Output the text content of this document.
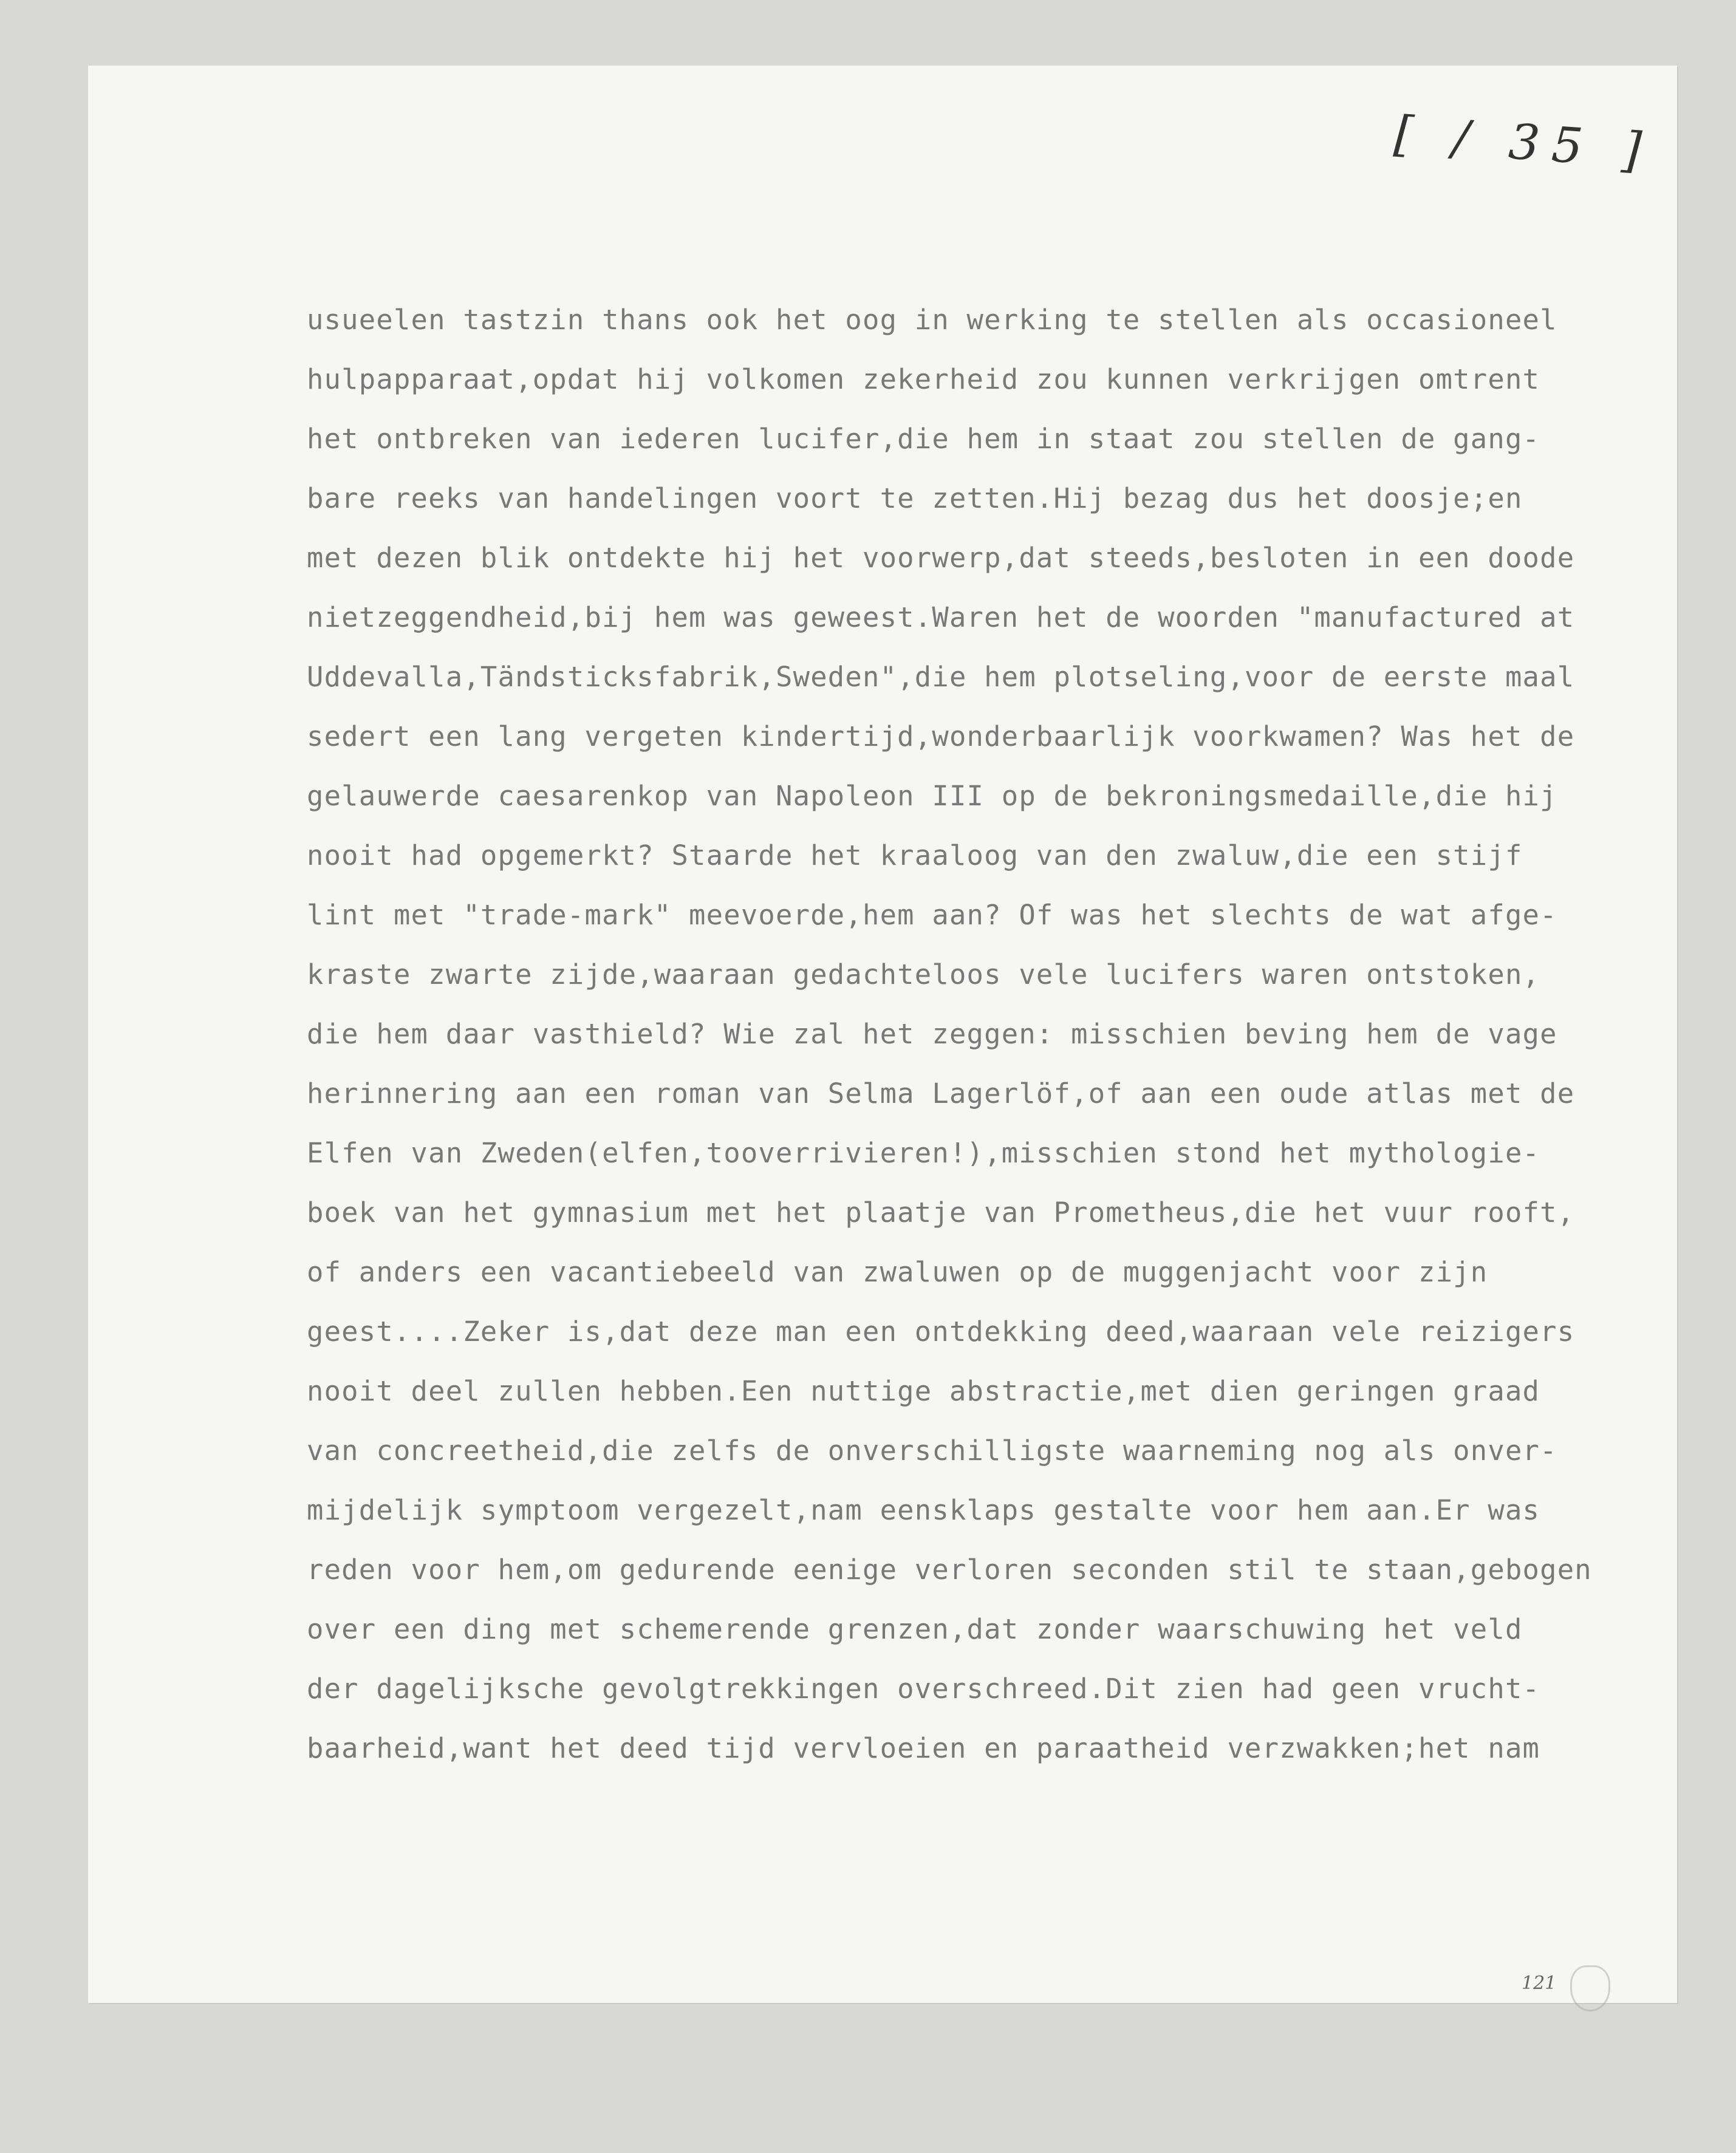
[ / 35 ]
usueelen tastzin thans ook het oog in werking te stellen als occasioneel
hulpapparaat,opdat hij volkomen zekerheid zou kunnen verkrijgen omtrent
het ontbreken van iederen lucifer,die hem in staat zou stellen de gang-
bare reeks van handelingen voort te zetten.Hij bezag dus het doosje;en
met dezen blik ontdekte hij het voorwerp,dat steeds,besloten in een doode
nietzeggendheid,bij hem was geweest.Waren het de woorden "manufactured at
Uddevalla,Tändsticksfabrik,Sweden",die hem plotseling,voor de eerste maal
sedert een lang vergeten kindertijd,wonderbaarlijk voorkwamen? Was het de
gelauwerde caesarenkop van Napoleon III op de bekroningsmedaille,die hij
nooit had opgemerkt? Staarde het kraaloog van den zwaluw,die een stijf
lint met "trade-mark" meevoerde,hem aan? Of was het slechts de wat afge-
kraste zwarte zijde,waaraan gedachteloos vele lucifers waren ontstoken,
die hem daar vasthield? Wie zal het zeggen: misschien beving hem de vage
herinnering aan een roman van Selma Lagerlöf,of aan een oude atlas met de
Elfen van Zweden(elfen,tooverrivieren!),misschien stond het mythologie-
boek van het gymnasium met het plaatje van Prometheus,die het vuur rooft,
of anders een vacantiebeeld van zwaluwen op de muggenjacht voor zijn
geest....Zeker is,dat deze man een ontdekking deed,waaraan vele reizigers
nooit deel zullen hebben.Een nuttige abstractie,met dien geringen graad
van concreetheid,die zelfs de onverschilligste waarneming nog als onver-
mijdelijk symptoom vergezelt,nam eensklaps gestalte voor hem aan.Er was
reden voor hem,om gedurende eenige verloren seconden stil te staan,gebogen
over een ding met schemerende grenzen,dat zonder waarschuwing het veld
der dagelijksche gevolgtrekkingen overschreed.Dit zien had geen vrucht-
baarheid,want het deed tijd vervloeien en paraatheid verzwakken;het nam
121
